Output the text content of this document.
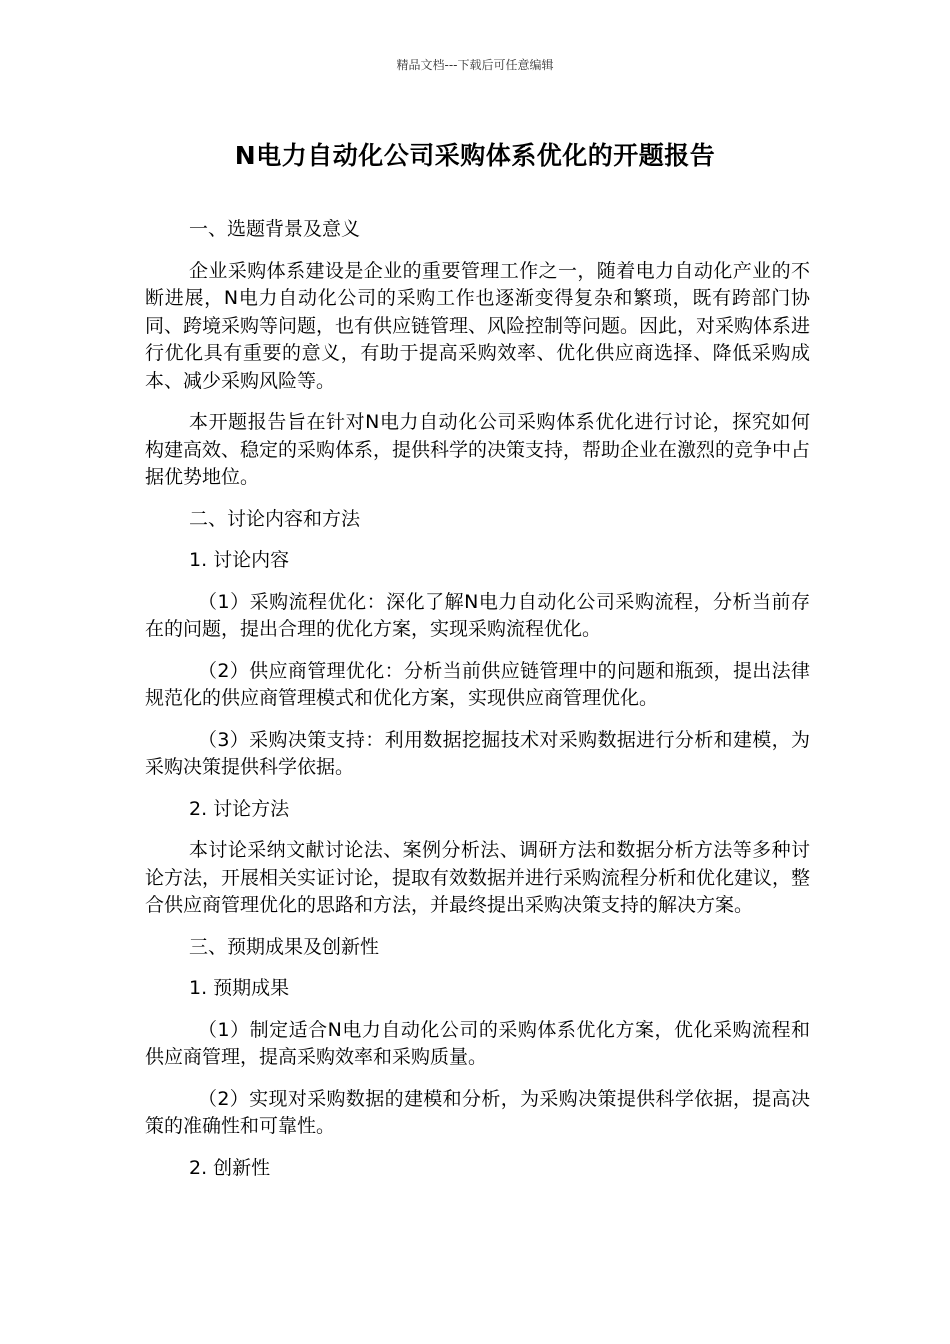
精品文档---下载后可任意编辑
N电力自动化公司采购体系优化的开题报告

一、选题背景及意义

企业采购体系建设是企业的重要管理工作之一，随着电力自动化产业的不断进展，N电力自动化公司的采购工作也逐渐变得复杂和繁琐，既有跨部门协同、跨境采购等问题，也有供应链管理、风险控制等问题。因此，对采购体系进行优化具有重要的意义，有助于提高采购效率、优化供应商选择、降低采购成本、减少采购风险等。

本开题报告旨在针对N电力自动化公司采购体系优化进行讨论，探究如何构建高效、稳定的采购体系，提供科学的决策支持，帮助企业在激烈的竞争中占据优势地位。

二、讨论内容和方法

1. 讨论内容

（1）采购流程优化：深化了解N电力自动化公司采购流程，分析当前存在的问题，提出合理的优化方案，实现采购流程优化。

（2）供应商管理优化：分析当前供应链管理中的问题和瓶颈，提出法律规范化的供应商管理模式和优化方案，实现供应商管理优化。

（3）采购决策支持：利用数据挖掘技术对采购数据进行分析和建模，为采购决策提供科学依据。

2. 讨论方法

本讨论采纳文献讨论法、案例分析法、调研方法和数据分析方法等多种讨论方法，开展相关实证讨论，提取有效数据并进行采购流程分析和优化建议，整合供应商管理优化的思路和方法，并最终提出采购决策支持的解决方案。

三、预期成果及创新性

1. 预期成果

（1）制定适合N电力自动化公司的采购体系优化方案，优化采购流程和供应商管理，提高采购效率和采购质量。

（2）实现对采购数据的建模和分析，为采购决策提供科学依据，提高决策的准确性和可靠性。

2. 创新性
